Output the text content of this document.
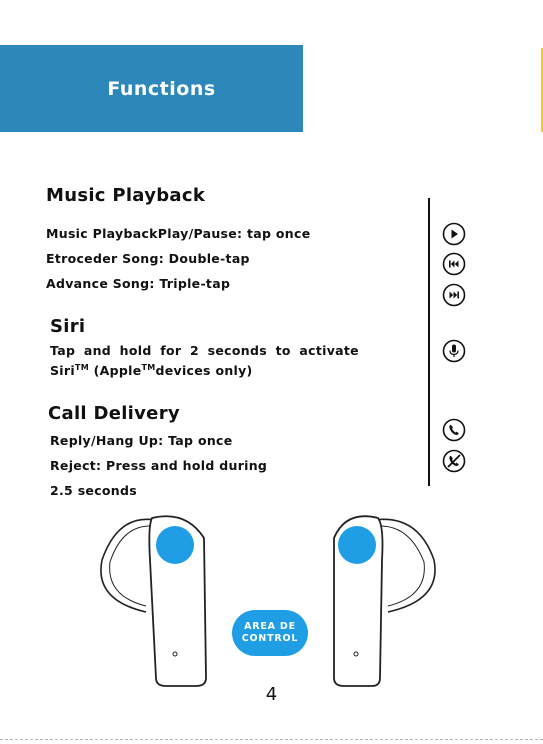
Functions
Music Playback
Music PlaybackPlay/Pause: tap once
Etroceder Song: Double-tap
Advance Song: Triple-tap
Siri
Tap and hold for 2 seconds to activate
Siri™ (Apple™devices only)
Call Delivery
Reply/Hang Up: Tap once
Reject: Press and hold during
2.5 seconds
AREA DE
CONTROL
4
